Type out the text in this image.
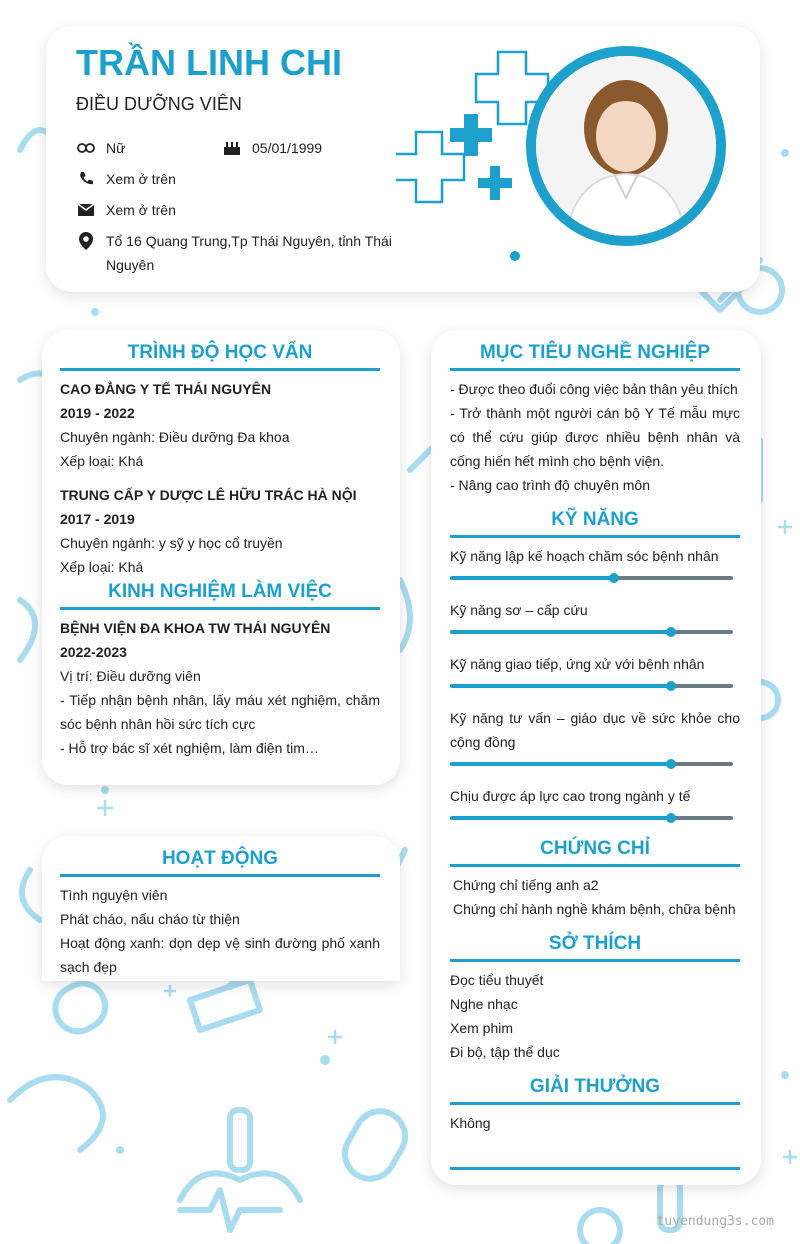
TRẦN LINH CHI
ĐIỀU DƯỠNG VIÊN
Nữ	05/01/1999
Xem ở trên
Xem ở trên
Tổ 16 Quang Trung,Tp Thái Nguyên, tỉnh Thái
Nguyên
TRÌNH ĐỘ HỌC VẤN
CAO ĐẲNG Y TẾ THÁI NGUYÊN
2019 - 2022
Chuyên ngành: Điều dưỡng Đa khoa
Xếp loại: Khá
TRUNG CẤP Y DƯỢC LÊ HỮU TRÁC HÀ NỘI
2017 - 2019
Chuyên ngành: y sỹ y học cổ truyền
Xếp loại: Khá
KINH NGHIỆM LÀM VIỆC
BỆNH VIỆN ĐA KHOA TW THÁI NGUYÊN
2022-2023
Vị trí: Điều dưỡng viên
- Tiếp nhận bệnh nhân, lấy máu xét nghiệm, chăm sóc bệnh nhân hồi sức tích cực
- Hỗ trợ bác sĩ xét nghiệm, làm điện tim…
HOẠT ĐỘNG
Tình nguyện viên
Phát cháo, nấu cháo từ thiện
Hoạt động xanh: dọn dẹp vệ sinh đường phố xanh sạch đẹp
MỤC TIÊU NGHỀ NGHIỆP
- Được theo đuổi công việc bản thân yêu thích
- Trở thành một người cán bộ Y Tế mẫu mực có thể cứu giúp được nhiều bệnh nhân và cống hiến hết mình cho bệnh viện.
- Nâng cao trình độ chuyên môn
KỸ NĂNG
Kỹ năng lập kế hoạch chăm sóc bệnh nhân
Kỹ năng sơ – cấp cứu
Kỹ năng giao tiếp, ứng xử với bệnh nhân
Kỹ năng tư vấn – giáo dục về sức khỏe cho cộng đồng
Chịu được áp lực cao trong ngành y tế
CHỨNG CHỈ
Chứng chỉ tiếng anh a2
Chứng chỉ hành nghề khám bệnh, chữa bệnh
SỞ THÍCH
Đọc tiểu thuyết
Nghe nhạc
Xem phim
Đi bộ, tập thể dục
GIẢI THƯỞNG
Không
tuyendung3s.com
